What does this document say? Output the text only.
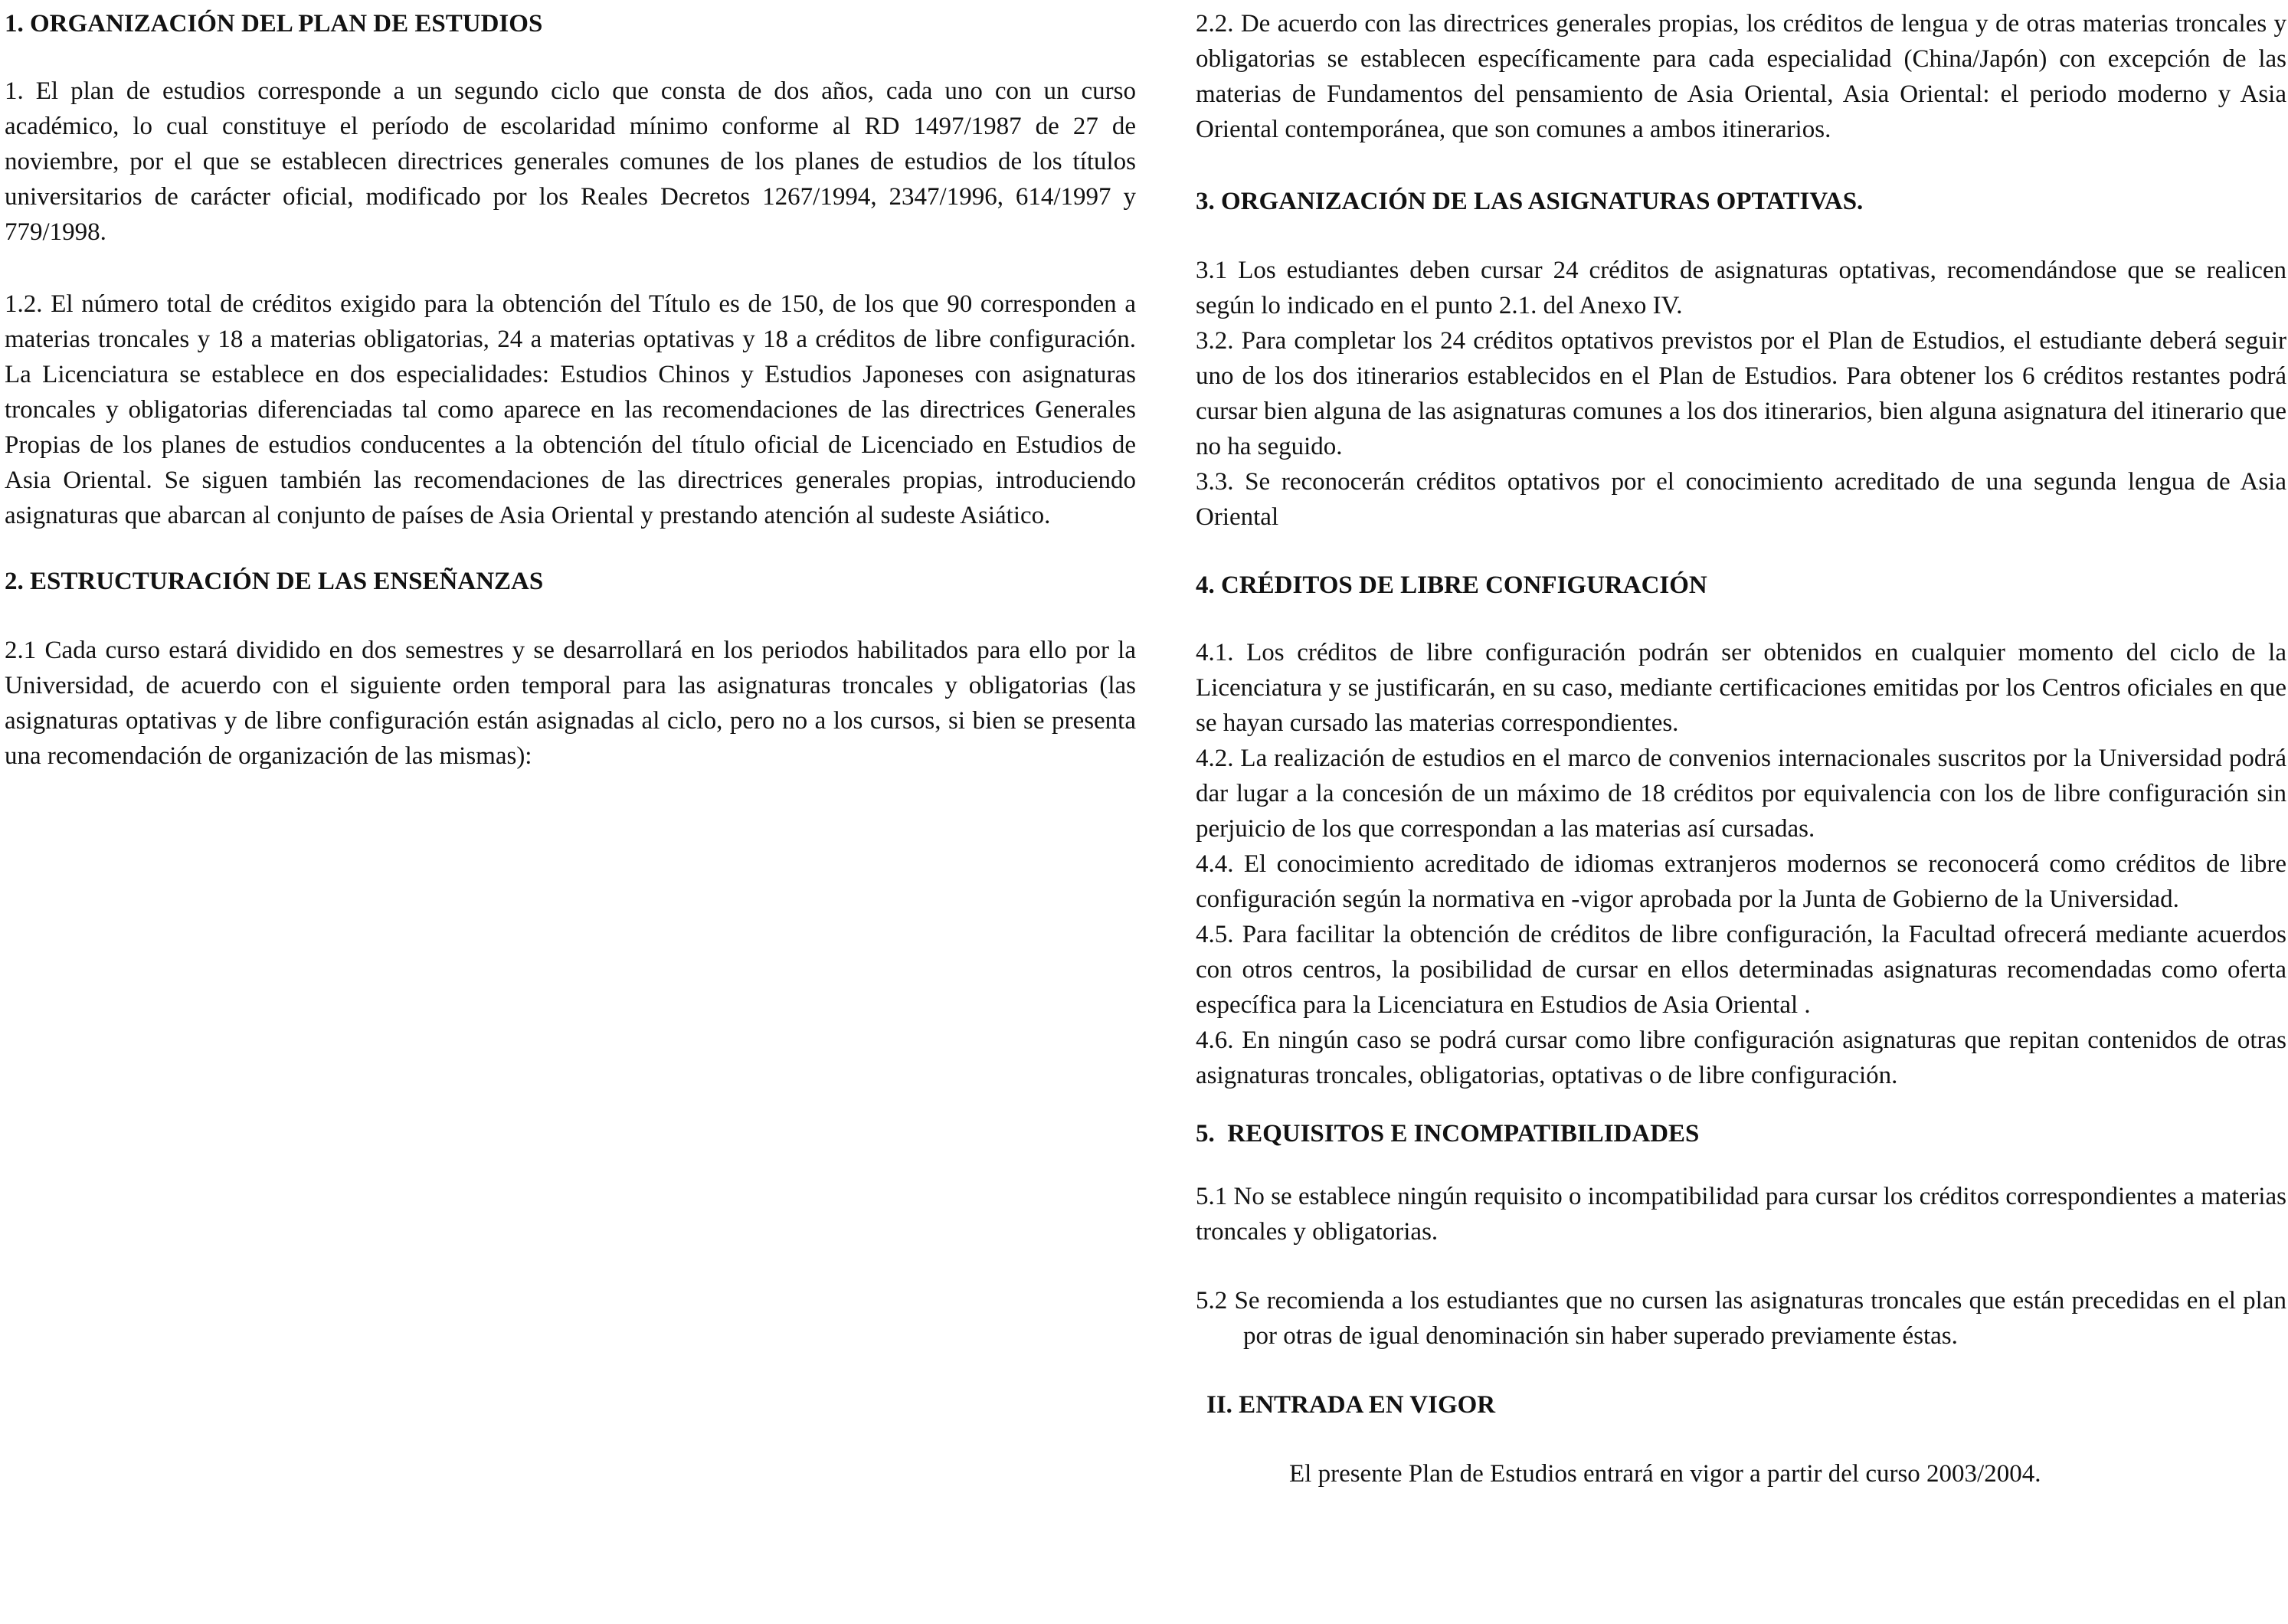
1. ORGANIZACIÓN DEL PLAN DE ESTUDIOS

1. El plan de estudios corresponde a un segundo ciclo que consta de dos años, cada uno con un curso académico, lo cual constituye el período de escolaridad mínimo conforme al RD 1497/1987 de 27 de noviembre, por el que se establecen directrices generales comunes de los planes de estudios de los títulos universitarios de carácter oficial, modificado por los Reales Decretos 1267/1994, 2347/1996, 614/1997 y 779/1998.

1.2. El número total de créditos exigido para la obtención del Título es de 150, de los que 90 corresponden a materias troncales y 18 a materias obligatorias, 24 a materias optativas y 18 a créditos de libre configuración. La Licenciatura se establece en dos especialidades: Estudios Chinos y Estudios Japoneses con asignaturas troncales y obligatorias diferenciadas tal como aparece en las recomendaciones de las directrices Generales Propias de los planes de estudios conducentes a la obtención del título oficial de Licenciado en Estudios de Asia Oriental. Se siguen también las recomendaciones de las directrices generales propias, introduciendo asignaturas que abarcan al conjunto de países de Asia Oriental y prestando atención al sudeste Asiático.

2. ESTRUCTURACIÓN DE LAS ENSEÑANZAS

2.1 Cada curso estará dividido en dos semestres y se desarrollará en los periodos habilitados para ello por la Universidad, de acuerdo con el siguiente orden temporal para las asignaturas troncales y obligatorias (las asignaturas optativas y de libre configuración están asignadas al ciclo, pero no a los cursos, si bien se presenta una recomendación de organización de las mismas):

2.2. De acuerdo con las directrices generales propias, los créditos de lengua y de otras materias troncales y obligatorias se establecen específicamente para cada especialidad (China/Japón) con excepción de las materias de Fundamentos del pensamiento de Asia Oriental, Asia Oriental: el periodo moderno y Asia Oriental contemporánea, que son comunes a ambos itinerarios.

3. ORGANIZACIÓN DE LAS ASIGNATURAS OPTATIVAS.

3.1 Los estudiantes deben cursar 24 créditos de asignaturas optativas, recomendándose que se realicen según lo indicado en el punto 2.1. del Anexo IV.

3.2. Para completar los 24 créditos optativos previstos por el Plan de Estudios, el estudiante deberá seguir uno de los dos itinerarios establecidos en el Plan de Estudios. Para obtener los 6 créditos restantes podrá cursar bien alguna de las asignaturas comunes a los dos itinerarios, bien alguna asignatura del itinerario que no ha seguido.

3.3. Se reconocerán créditos optativos por el conocimiento acreditado de una segunda lengua de Asia Oriental

4. CRÉDITOS DE LIBRE CONFIGURACIÓN

4.1. Los créditos de libre configuración podrán ser obtenidos en cualquier momento del ciclo de la Licenciatura y se justificarán, en su caso, mediante certificaciones emitidas por los Centros oficiales en que se hayan cursado las materias correspondientes.

4.2. La realización de estudios en el marco de convenios internacionales suscritos por la Universidad podrá dar lugar a la concesión de un máximo de 18 créditos por equivalencia con los de libre configuración sin perjuicio de los que correspondan a las materias así cursadas.

4.4. El conocimiento acreditado de idiomas extranjeros modernos se reconocerá como créditos de libre configuración según la normativa en -vigor aprobada por la Junta de Gobierno de la Universidad.

4.5. Para facilitar la obtención de créditos de libre configuración, la Facultad ofrecerá mediante acuerdos con otros centros, la posibilidad de cursar en ellos determinadas asignaturas recomendadas como oferta específica para la Licenciatura en Estudios de Asia Oriental .

4.6. En ningún caso se podrá cursar como libre configuración asignaturas que repitan contenidos de otras asignaturas troncales, obligatorias, optativas o de libre configuración.

5.  REQUISITOS E INCOMPATIBILIDADES

5.1 No se establece ningún requisito o incompatibilidad para cursar los créditos correspondientes a materias troncales y obligatorias.

5.2 Se recomienda a los estudiantes que no cursen las asignaturas troncales que están precedidas en el plan por otras de igual denominación sin haber superado previamente éstas.

II. ENTRADA EN VIGOR

El presente Plan de Estudios entrará en vigor a partir del curso 2003/2004.
